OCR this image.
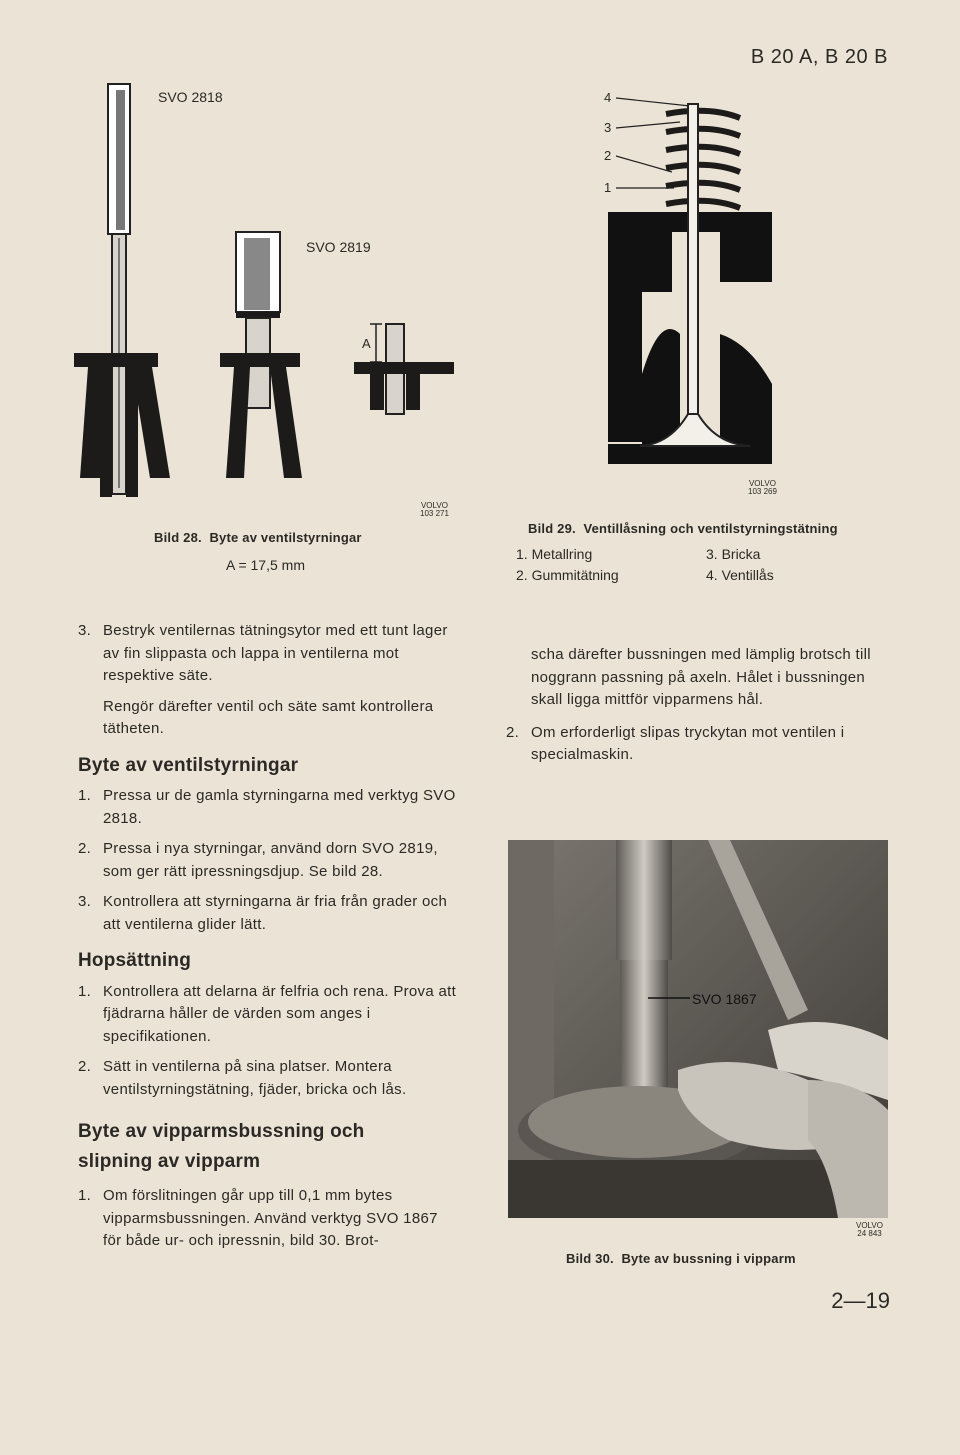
B 20 A, B 20 B
2—19
SVO 2818
SVO 2819
A
VOLVO
103 271
Bild 28. Byte av ventilstyrningar
A = 17,5 mm
4
3
2
1
VOLVO
103 269
Bild 29. Ventillåsning och ventilstyrningstätning
1. Metallring
2. Gummitätning
3. Bricka
4. Ventillås
3. Bestryk ventilernas tätningsytor med ett tunt lager av fin slippasta och lappa in ventilerna mot respektive säte.

Rengör därefter ventil och säte samt kontrollera tätheten.

Byte av ventilstyrningar
1. Pressa ur de gamla styrningarna med verktyg SVO 2818.
2. Pressa i nya styrningar, använd dorn SVO 2819, som ger rätt ipressningsdjup. Se bild 28.
3. Kontrollera att styrningarna är fria från grader och att ventilerna glider lätt.
Hopsättning
1. Kontrollera att delarna är felfria och rena. Prova att fjädrarna håller de värden som anges i specifikationen.
2. Sätt in ventilerna på sina platser. Montera ventilstyrningstätning, fjäder, bricka och lås.
Byte av vipparmsbussning och slipning av vipparm
1. Om förslitningen går upp till 0,1 mm bytes vipparmsbussningen. Använd verktyg SVO 1867 för både ur- och ipressnin, bild 30. Brot-

scha därefter bussningen med lämplig brotsch till noggrann passning på axeln. Hålet i bussningen skall ligga mittför vipparmens hål.

2. Om erforderligt slipas tryckytan mot ventilen i specialmaskin.
SVO 1867
VOLVO
24 843
Bild 30. Byte av bussning i vipparm
